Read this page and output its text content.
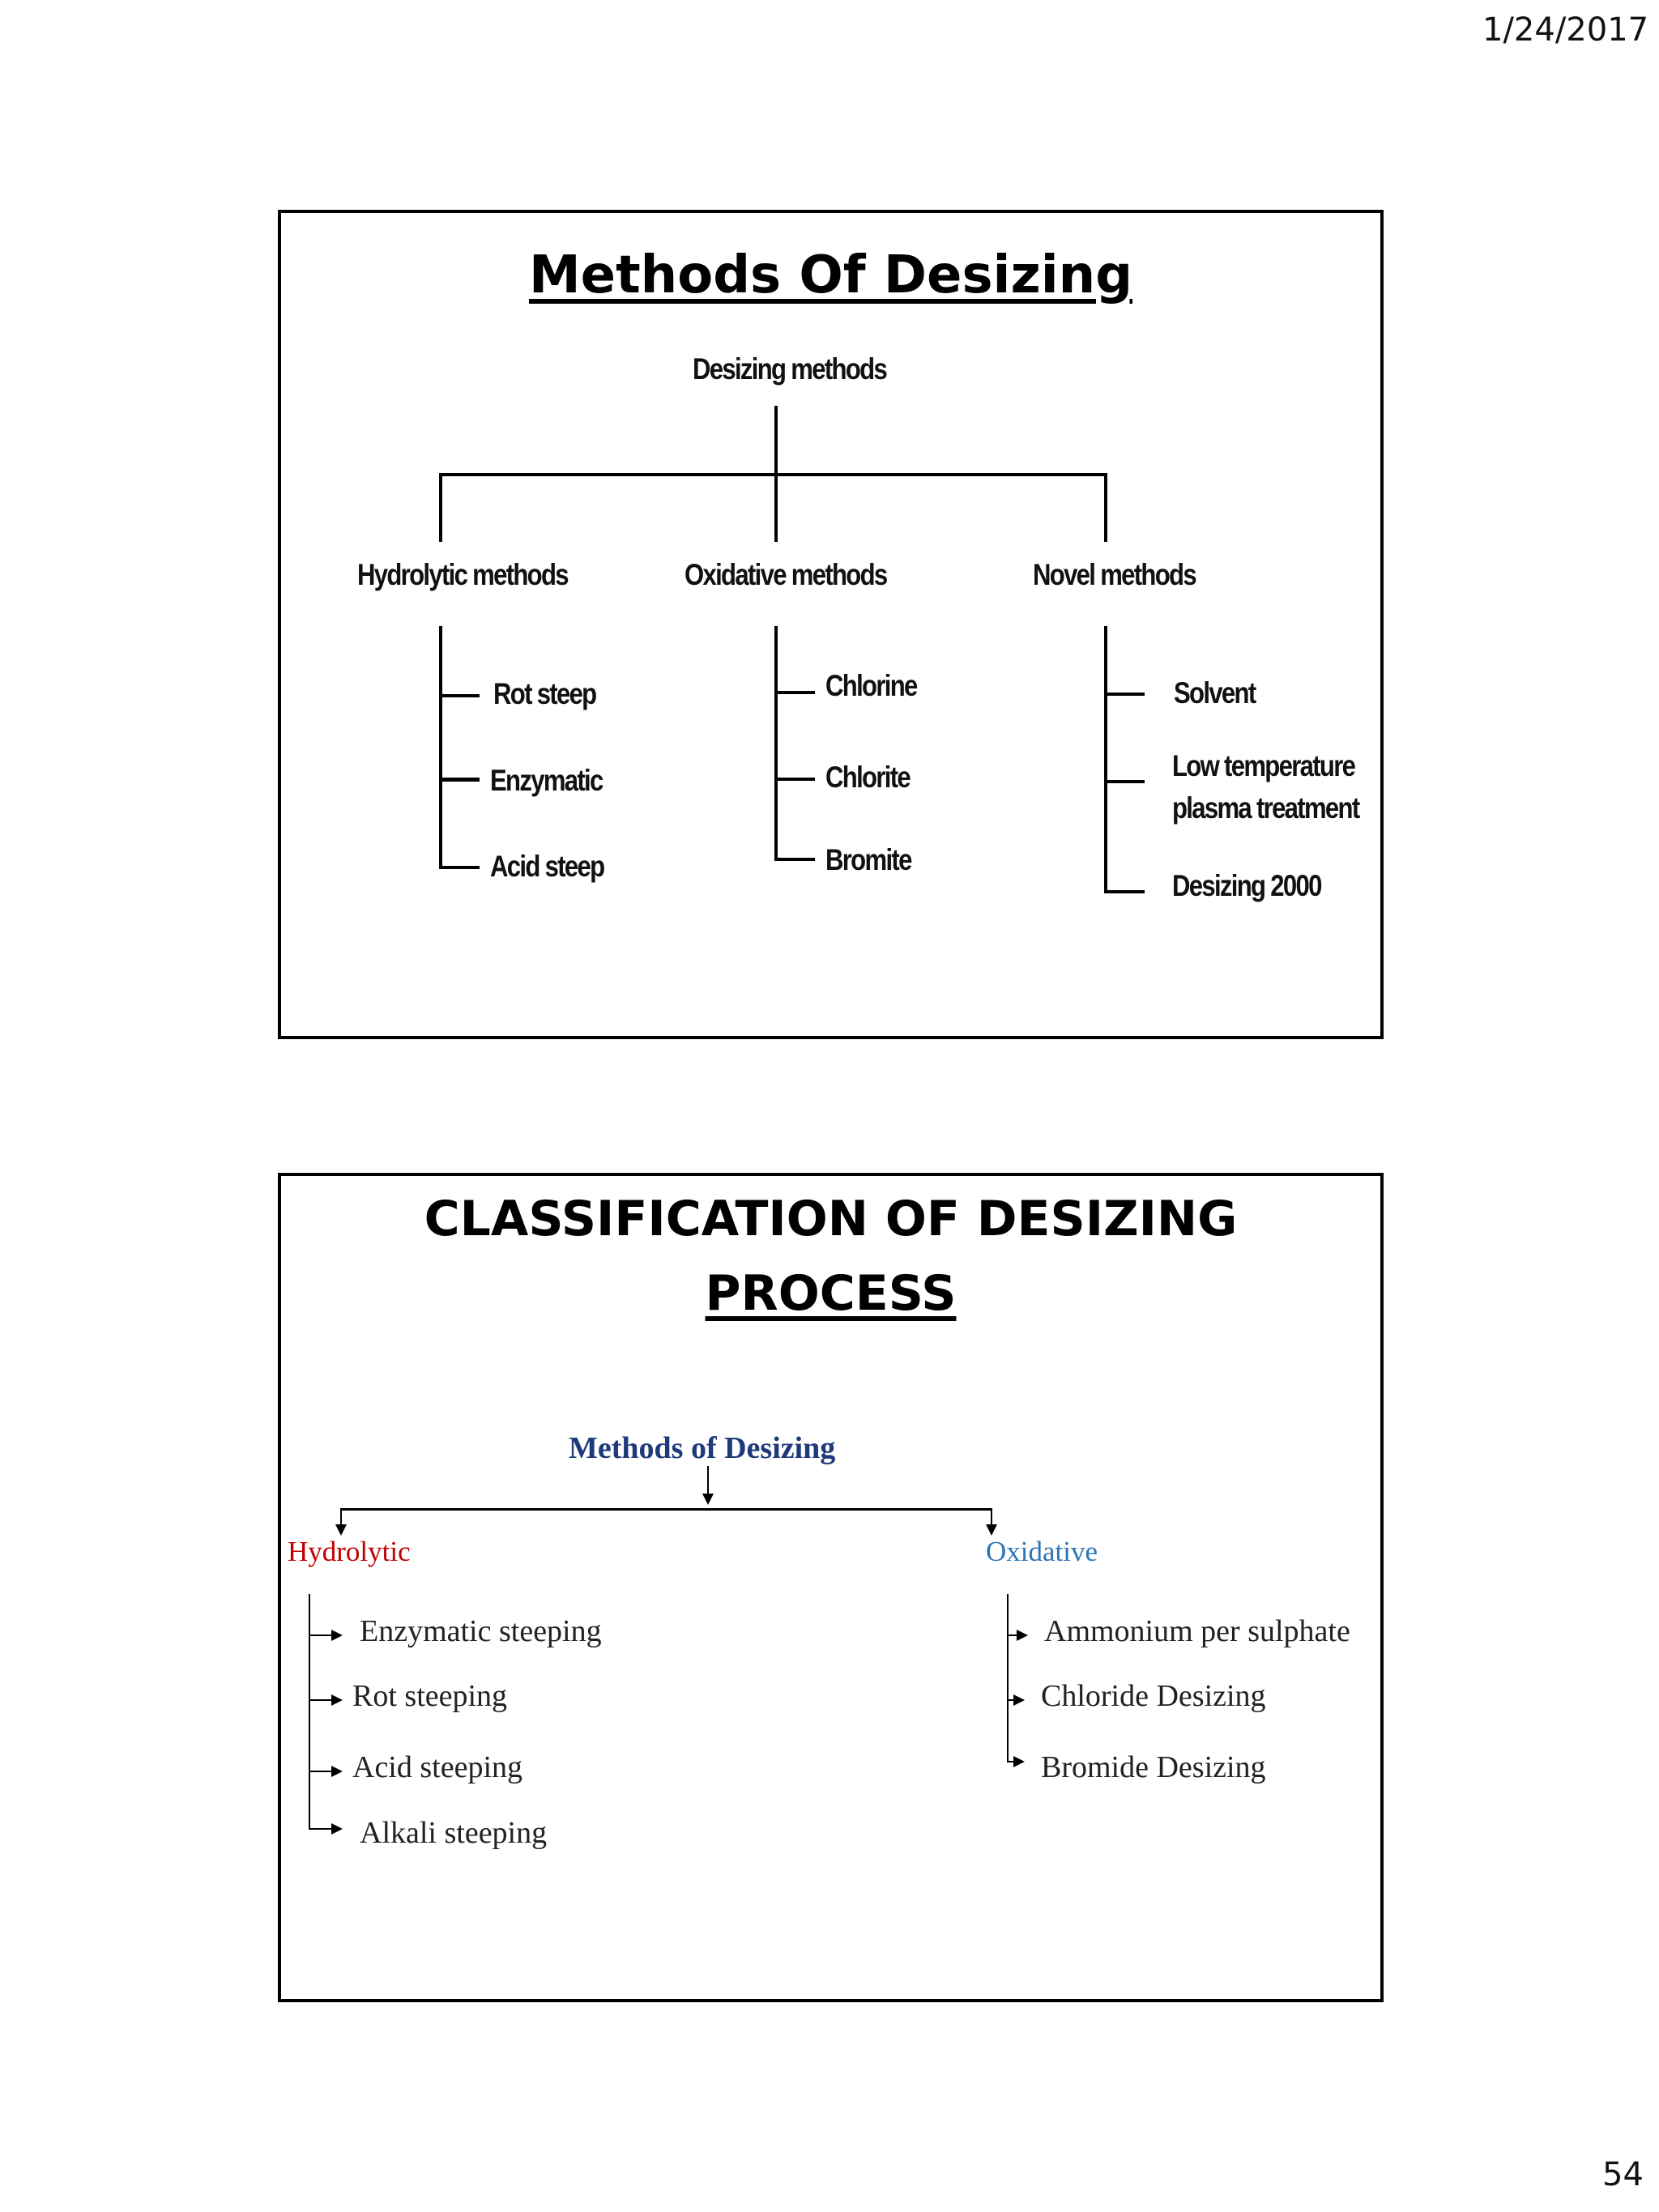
1/24/2017
Methods Of Desizing
Desizing methods
Hydrolytic methods	Oxidative methods	Novel methods
Rot steep
Enzymatic
Acid steep
Chlorine
Chlorite
Bromite
Solvent
Low temperature
plasma treatment
Desizing 2000
CLASSIFICATION OF DESIZING
PROCESS
Methods of Desizing
Hydrolytic	Oxidative
Enzymatic steeping
Rot steeping
Acid steeping
Alkali steeping
Ammonium per sulphate
Chloride Desizing
Bromide Desizing
54
